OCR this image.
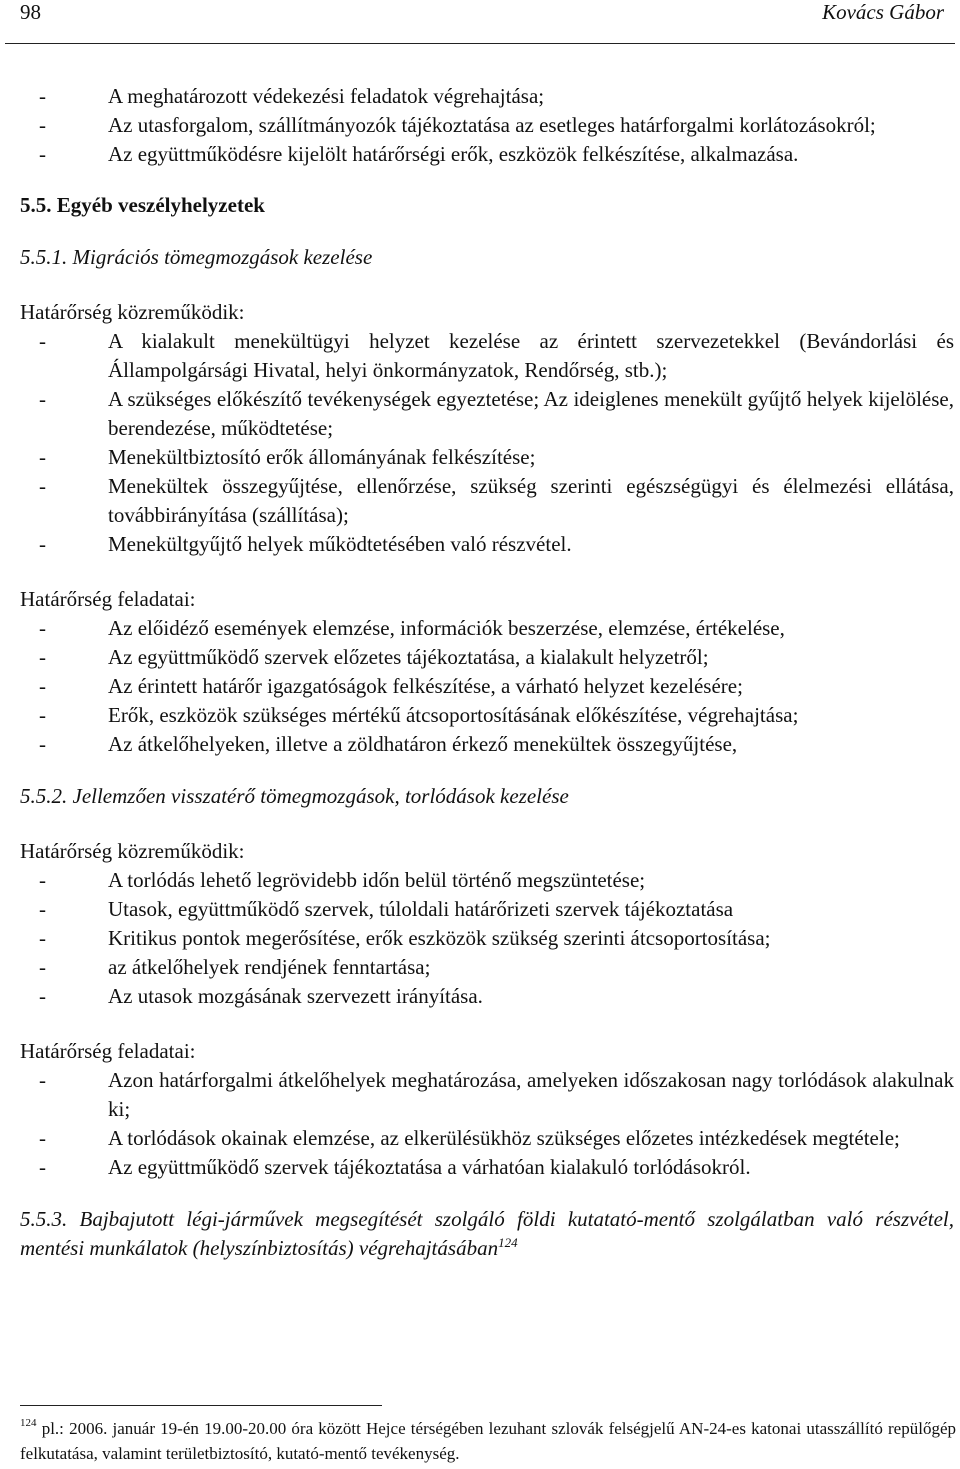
98	Kovács Gábor
-	A meghatározott védekezési feladatok végrehajtása;
-	Az utasforgalom, szállítmányozók tájékoztatása az esetleges határforgalmi korlátozásokról;
-	Az együttműködésre kijelölt határőrségi erők, eszközök felkészítése, alkalmazása.
5.5. Egyéb veszélyhelyzetek
5.5.1. Migrációs tömegmozgások kezelése
Határőrség közreműködik:
-	A kialakult menekültügyi helyzet kezelése az érintett szervezetekkel (Bevándorlási és Állampolgársági Hivatal, helyi önkormányzatok, Rendőrség, stb.);
-	A szükséges előkészítő tevékenységek egyeztetése; Az ideiglenes menekült gyűjtő helyek kijelölése, berendezése, működtetése;
-	Menekültbiztosító erők állományának felkészítése;
-	Menekültek összegyűjtése, ellenőrzése, szükség szerinti egészségügyi és élelmezési ellátása, továbbirányítása (szállítása);
-	Menekültgyűjtő helyek működtetésében való részvétel.
Határőrség feladatai:
-	Az előidéző események elemzése, információk beszerzése, elemzése, értékelése,
-	Az együttműködő szervek előzetes tájékoztatása, a kialakult helyzetről;
-	Az érintett határőr igazgatóságok felkészítése, a várható helyzet kezelésére;
-	Erők, eszközök szükséges mértékű átcsoportosításának előkészítése, végrehajtása;
-	Az átkelőhelyeken, illetve a zöldhatáron érkező menekültek összegyűjtése,
5.5.2. Jellemzően visszatérő tömegmozgások, torlódások kezelése
Határőrség közreműködik:
-	A torlódás lehető legrövidebb időn belül történő megszüntetése;
-	Utasok, együttműködő szervek, túloldali határőrizeti szervek tájékoztatása
-	Kritikus pontok megerősítése, erők eszközök szükség szerinti átcsoportosítása;
-	az átkelőhelyek rendjének fenntartása;
-	Az utasok mozgásának szervezett irányítása.
Határőrség feladatai:
-	Azon határforgalmi átkelőhelyek meghatározása, amelyeken időszakosan nagy torlódások alakulnak ki;
-	A torlódások okainak elemzése, az elkerülésükhöz szükséges előzetes intézkedések megtétele;
-	Az együttműködő szervek tájékoztatása a várhatóan kialakuló torlódásokról.
5.5.3. Bajbajutott légi-járművek megsegítését szolgáló földi kutatató-mentő szolgálatban való részvétel, mentési munkálatok (helyszínbiztosítás) végrehajtásában$^{124}$
$^{124}$ pl.: 2006. január 19-én 19.00-20.00 óra között Hejce térségében lezuhant szlovák felségjelű AN-24-es katonai utasszállító repülőgép felkutatása, valamint területbiztosító, kutató-mentő tevékenység.
